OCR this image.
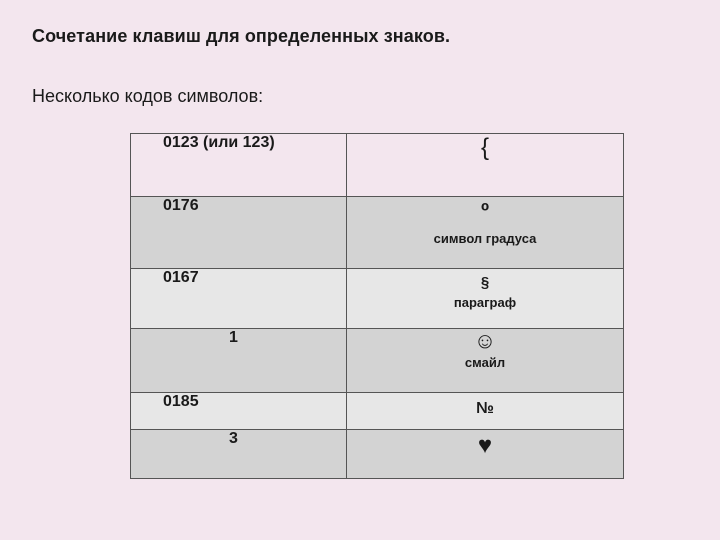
Сочетание клавиш для определенных знаков.
Несколько кодов символов:
0123 (или 123)	{

0176	º
символ градуса

0167	§
параграф

1	☺
смайл

0185	№

3	♥
